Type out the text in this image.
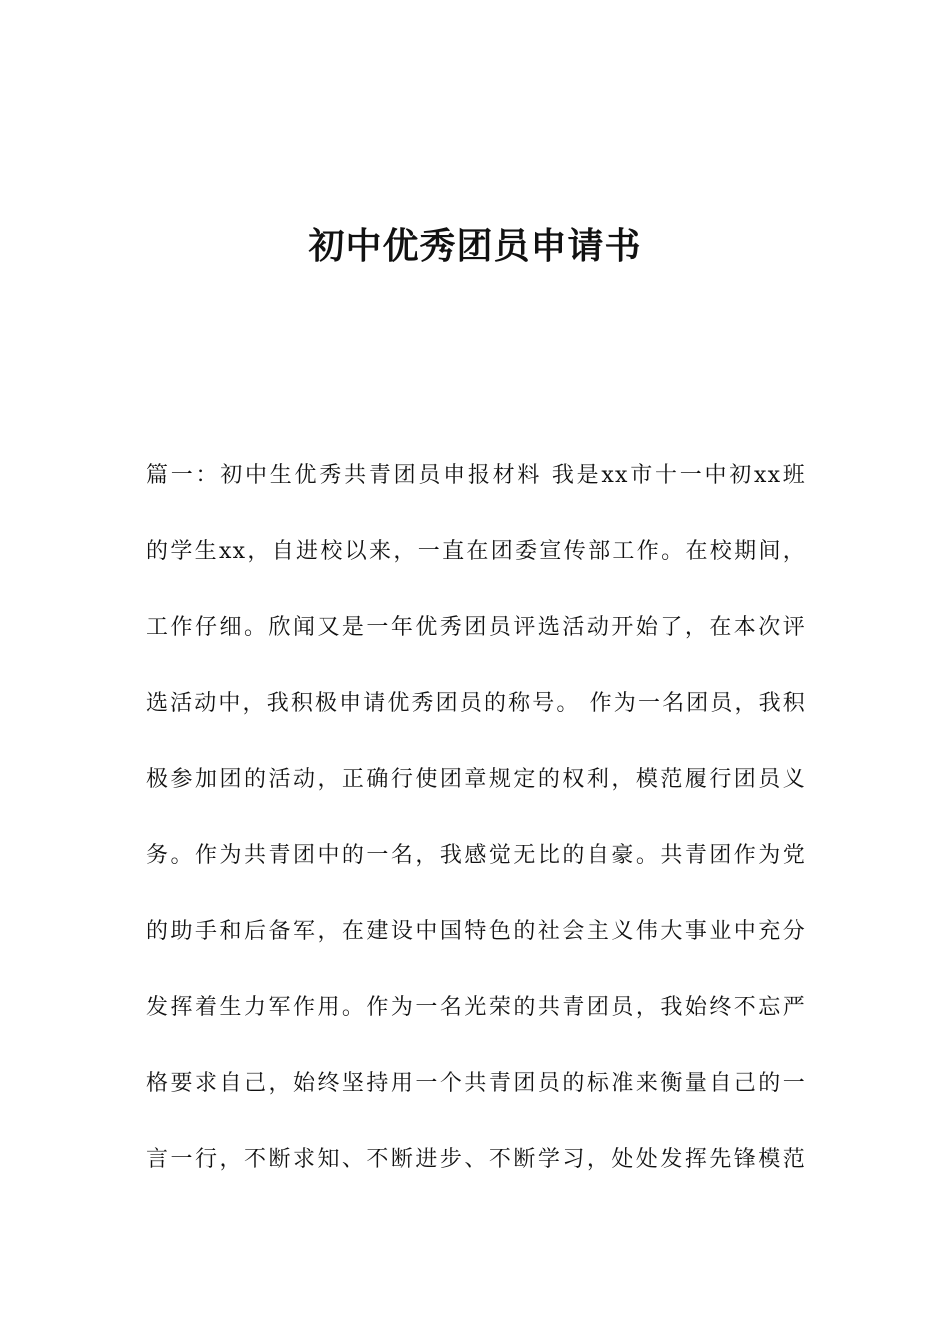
初中优秀团员申请书
篇一：初中生优秀共青团员申报材料 我是xx市十一中初xx班
的学生xx，自进校以来，一直在团委宣传部工作。在校期间，
工作仔细。欣闻又是一年优秀团员评选活动开始了，在本次评
选活动中，我积极申请优秀团员的称号。 作为一名团员，我积
极参加团的活动，正确行使团章规定的权利，模范履行团员义
务。作为共青团中的一名，我感觉无比的自豪。共青团作为党
的助手和后备军，在建设中国特色的社会主义伟大事业中充分
发挥着生力军作用。作为一名光荣的共青团员，我始终不忘严
格要求自己，始终坚持用一个共青团员的标准来衡量自己的一
言一行，不断求知、不断进步、不断学习，处处发挥先锋模范
